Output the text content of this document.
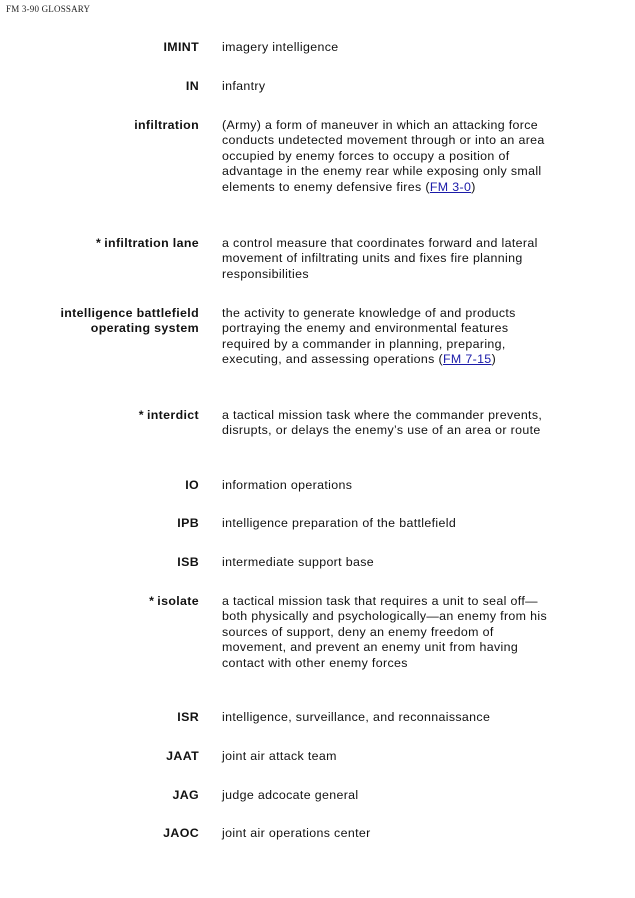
FM 3-90 GLOSSARY
IMINT imagery intelligence
IN infantry
infiltration (Army) a form of maneuver in which an attacking force conducts undetected movement through or into an area occupied by enemy forces to occupy a position of advantage in the enemy rear while exposing only small elements to enemy defensive fires (FM 3-0)
* infiltration lane a control measure that coordinates forward and lateral movement of infiltrating units and fixes fire planning responsibilities
intelligence battlefield operating system
the activity to generate knowledge of and products portraying the enemy and environmental features required by a commander in planning, preparing, executing, and assessing operations (FM 7-15)
* interdict a tactical mission task where the commander prevents, disrupts, or delays the enemy’s use of an area or route
IO information operations
IPB intelligence preparation of the battlefield
ISB intermediate support base
* isolate a tactical mission task that requires a unit to seal off—both physically and psychologically—an enemy from his sources of support, deny an enemy freedom of movement, and prevent an enemy unit from having contact with other enemy forces
ISR intelligence, surveillance, and reconnaissance
JAAT joint air attack team
JAG judge adcocate general
JAOC joint air operations center
